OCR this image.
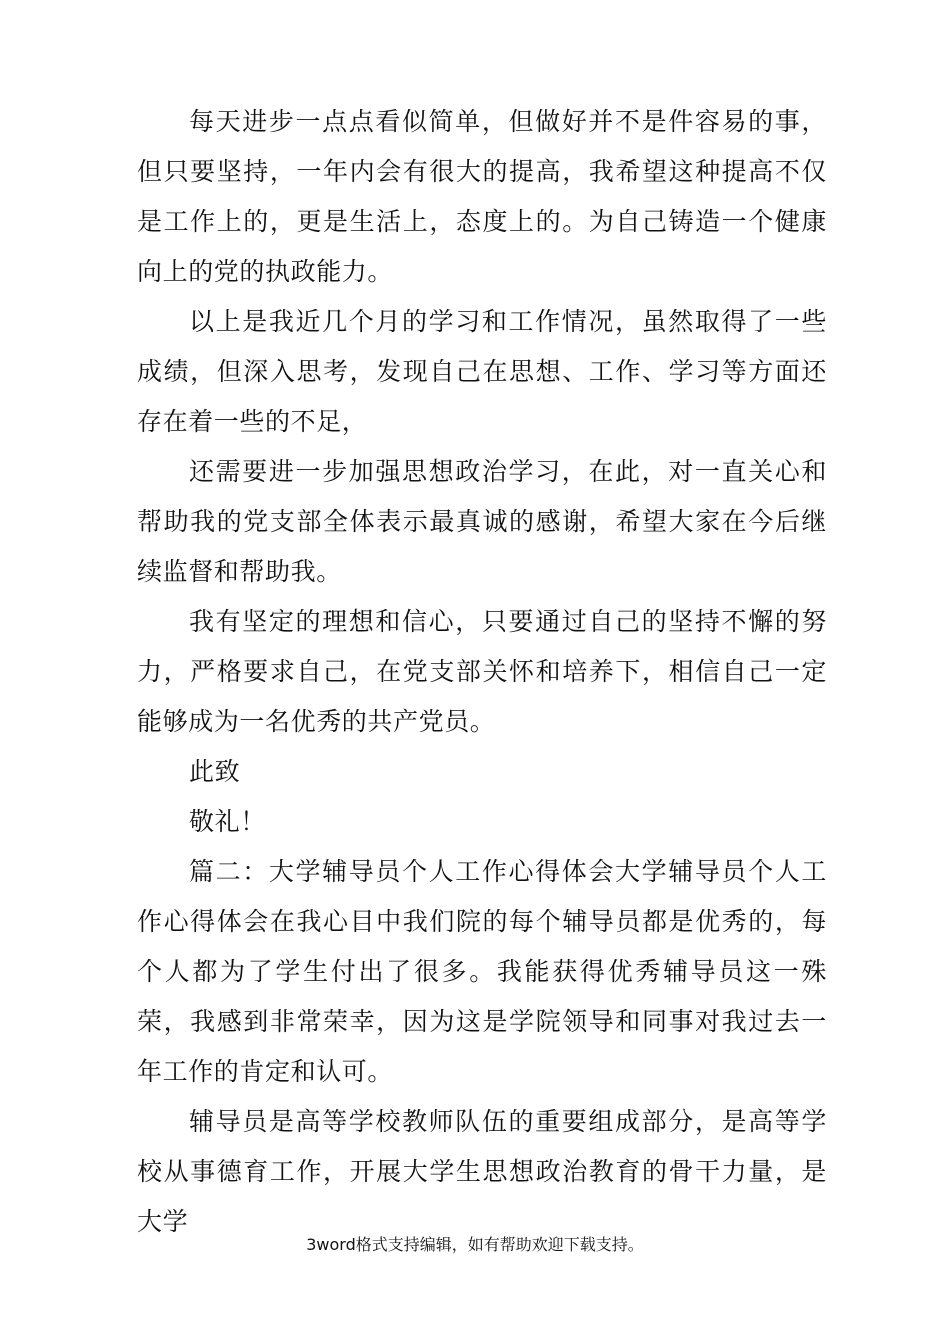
每天进步一点点看似简单，但做好并不是件容易的事，但只要坚持，一年内会有很大的提高，我希望这种提高不仅是工作上的，更是生活上，态度上的。为自己铸造一个健康向上的党的执政能力。

以上是我近几个月的学习和工作情况，虽然取得了一些成绩，但深入思考，发现自己在思想、工作、学习等方面还存在着一些的不足，

还需要进一步加强思想政治学习，在此，对一直关心和帮助我的党支部全体表示最真诚的感谢，希望大家在今后继续监督和帮助我。

我有坚定的理想和信心，只要通过自己的坚持不懈的努力，严格要求自己，在党支部关怀和培养下，相信自己一定能够成为一名优秀的共产党员。

此致

敬礼！

篇二：大学辅导员个人工作心得体会大学辅导员个人工作心得体会在我心目中我们院的每个辅导员都是优秀的，每个人都为了学生付出了很多。我能获得优秀辅导员这一殊荣，我感到非常荣幸，因为这是学院领导和同事对我过去一年工作的肯定和认可。

辅导员是高等学校教师队伍的重要组成部分，是高等学校从事德育工作，开展大学生思想政治教育的骨干力量，是大学

3word格式支持编辑，如有帮助欢迎下载支持。
